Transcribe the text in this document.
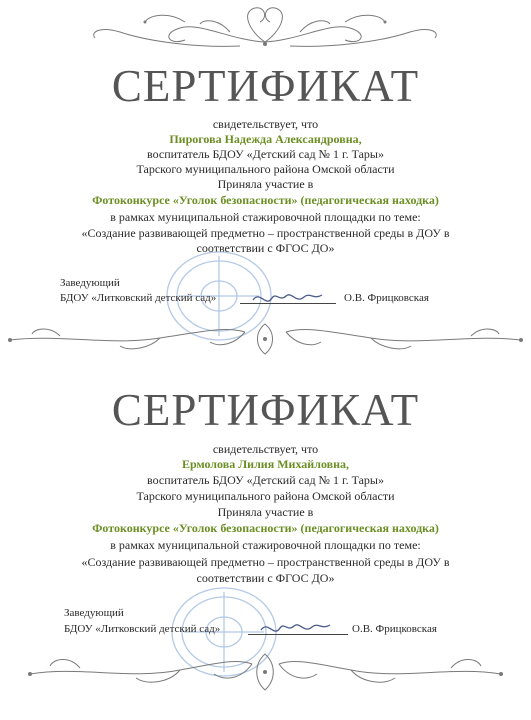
СЕРТИФИКАТ
свидетельствует, что
Пирогова Надежда Александровна,
воспитатель БДОУ «Детский сад № 1 г. Тары»
Тарского муниципального района Омской области
Приняла участие в
Фотоконкурсе «Уголок безопасности» (педагогическая находка)
в рамках муниципальной стажировочной площадки по теме:
«Создание развивающей предметно – пространственной среды в ДОУ в
соответствии с ФГОС ДО»
Заведующий
БДОУ «Литковский детский сад»	О.В. Фрицковская
СЕРТИФИКАТ
свидетельствует, что
Ермолова Лилия Михайловна,
воспитатель БДОУ «Детский сад № 1 г. Тары»
Тарского муниципального района Омской области
Приняла участие в
Фотоконкурсе «Уголок безопасности» (педагогическая находка)
в рамках муниципальной стажировочной площадки по теме:
«Создание развивающей предметно – пространственной среды в ДОУ в
соответствии с ФГОС ДО»
Заведующий
БДОУ «Литковский детский сад»	О.В. Фрицковская
